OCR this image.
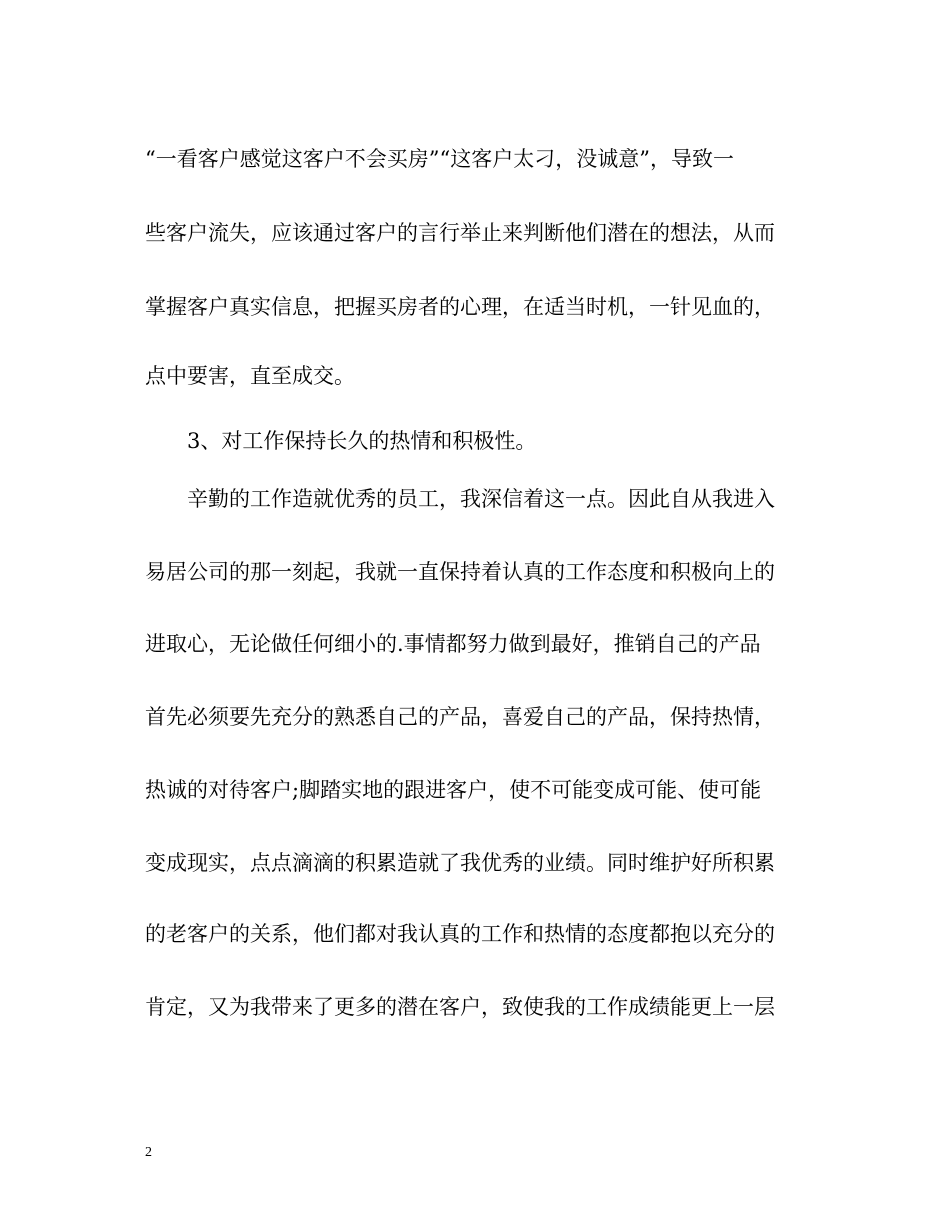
“一看客户感觉这客户不会买房”“这客户太刁，没诚意”，导致一
些客户流失，应该通过客户的言行举止来判断他们潜在的想法，从而
掌握客户真实信息，把握买房者的心理，在适当时机，一针见血的，
点中要害，直至成交。
3、对工作保持长久的热情和积极性。
辛勤的工作造就优秀的员工，我深信着这一点。因此自从我进入
易居公司的那一刻起，我就一直保持着认真的工作态度和积极向上的
进取心，无论做任何细小的.事情都努力做到最好，推销自己的产品
首先必须要先充分的熟悉自己的产品，喜爱自己的产品，保持热情，
热诚的对待客户;脚踏实地的跟进客户，使不可能变成可能、使可能
变成现实，点点滴滴的积累造就了我优秀的业绩。同时维护好所积累
的老客户的关系，他们都对我认真的工作和热情的态度都抱以充分的
肯定，又为我带来了更多的潜在客户，致使我的工作成绩能更上一层
2
